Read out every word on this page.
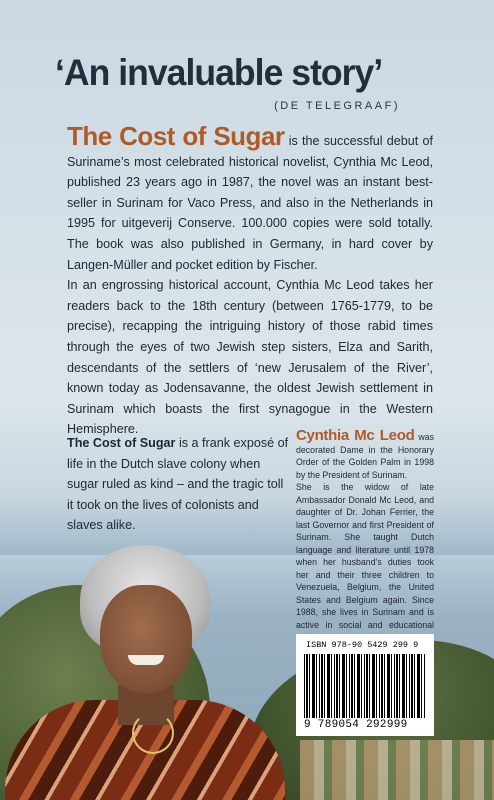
‘An invaluable story’
(DE TELEGRAAF)

The Cost of Sugar is the successful debut of Suriname’s most celebrated historical novelist, Cynthia Mc Leod, published 23 years ago in 1987, the novel was an instant best-seller in Surinam for Vaco Press, and also in the Netherlands in 1995 for uitgeverij Conserve. 100.000 copies were sold totally. The book was also published in Germany, in hard cover by Langen-Müller and pocket edition by Fischer.

In an engrossing historical account, Cynthia Mc Leod takes her readers back to the 18th century (between 1765-1779, to be precise), recapping the intriguing history of those rabid times through the eyes of two Jewish step sisters, Elza and Sarith, descendants of the settlers of ‘new Jerusalem of the River’, known today as Jodensavanne, the oldest Jewish settlement in Surinam which boasts the first synagogue in the Western Hemisphere.

The Cost of Sugar is a frank exposé of life in the Dutch slave colony when sugar ruled as kind – and the tragic toll it took on the lives of colonists and slaves alike.

Cynthia Mc Leod was decorated Dame in the Honorary Order of the Golden Palm in 1998 by the President of Surinam.
She is the widow of late Ambassador Donald Mc Leod, and daughter of Dr. Johan Ferrier, the last Governor and first President of Surinam. She taught Dutch language and literature until 1978 when her husband’s duties took her and their three children to Venezuela, Belgium, the United States and Belgium again. Since 1988, she lives in Surinam and is active in social and educational
ISBN 978-90 5429 299 9
9 789054 292999
